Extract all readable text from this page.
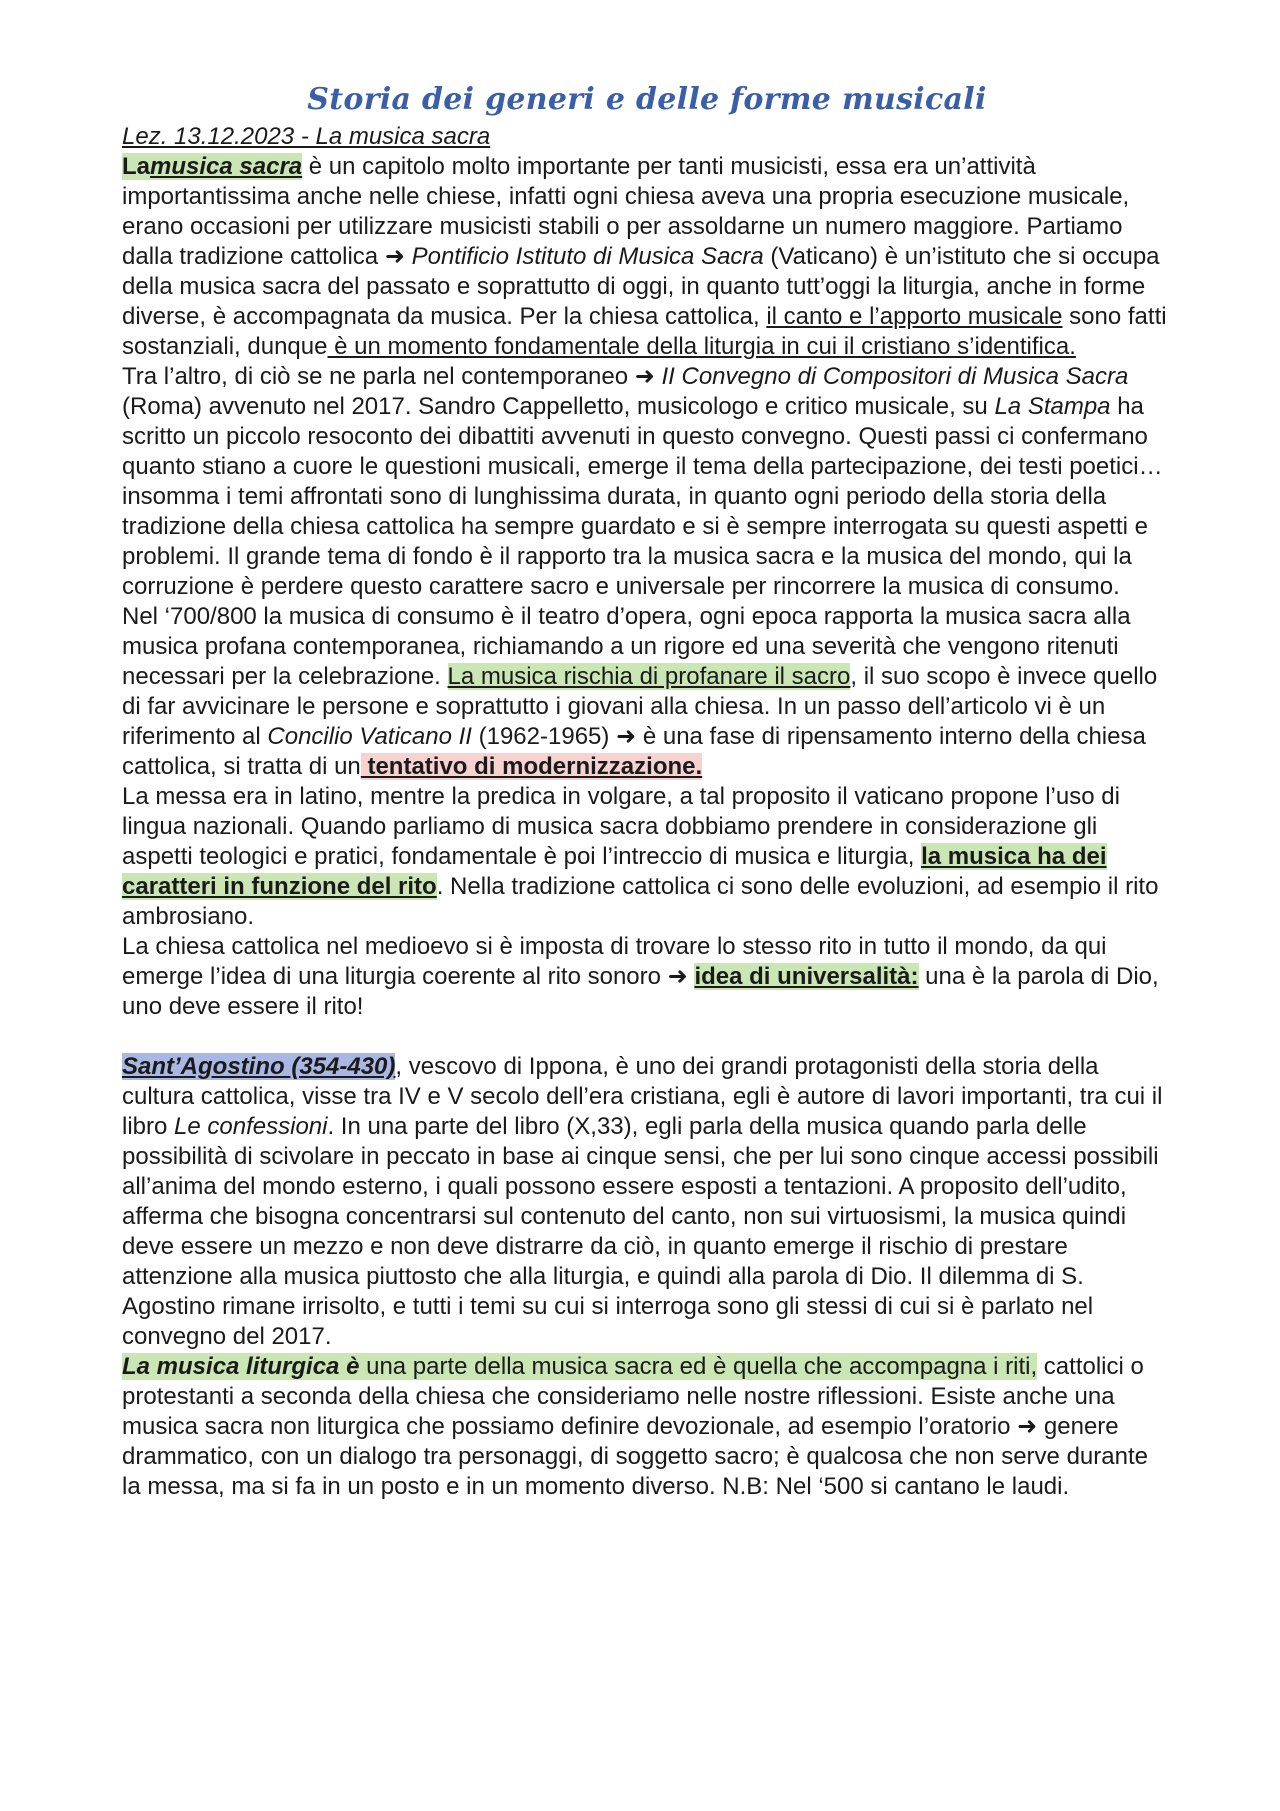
Storia dei generi e delle forme musicali

Lez. 13.12.2023 - La musica sacra

Lamusica sacra è un capitolo molto importante per tanti musicisti, essa era un’attività importantissima anche nelle chiese, infatti ogni chiesa aveva una propria esecuzione musicale, erano occasioni per utilizzare musicisti stabili o per assoldarne un numero maggiore. Partiamo dalla tradizione cattolica ➜ Pontificio Istituto di Musica Sacra (Vaticano) è un’istituto che si occupa della musica sacra del passato e soprattutto di oggi, in quanto tutt’oggi la liturgia, anche in forme diverse, è accompagnata da musica. Per la chiesa cattolica, il canto e l’apporto musicale sono fatti sostanziali, dunque è un momento fondamentale della liturgia in cui il cristiano s’identifica.

Tra l’altro, di ciò se ne parla nel contemporaneo ➜ II Convegno di Compositori di Musica Sacra (Roma) avvenuto nel 2017. Sandro Cappelletto, musicologo e critico musicale, su La Stampa ha scritto un piccolo resoconto dei dibattiti avvenuti in questo convegno. Questi passi ci confermano quanto stiano a cuore le questioni musicali, emerge il tema della partecipazione, dei testi poetici…insomma i temi affrontati sono di lunghissima durata, in quanto ogni periodo della storia della tradizione della chiesa cattolica ha sempre guardato e si è sempre interrogata su questi aspetti e problemi. Il grande tema di fondo è il rapporto tra la musica sacra e la musica del mondo, qui la corruzione è perdere questo carattere sacro e universale per rincorrere la musica di consumo.

Nel ‘700/800 la musica di consumo è il teatro d’opera, ogni epoca rapporta la musica sacra alla musica profana contemporanea, richiamando a un rigore ed una severità che vengono ritenuti necessari per la celebrazione. La musica rischia di profanare il sacro, il suo scopo è invece quello di far avvicinare le persone e soprattutto i giovani alla chiesa. In un passo dell’articolo vi è un riferimento al Concilio Vaticano II (1962-1965) ➜ è una fase di ripensamento interno della chiesa cattolica, si tratta di un tentativo di modernizzazione.

La messa era in latino, mentre la predica in volgare, a tal proposito il vaticano propone l’uso di lingua nazionali. Quando parliamo di musica sacra dobbiamo prendere in considerazione gli aspetti teologici e pratici, fondamentale è poi l’intreccio di musica e liturgia, la musica ha dei caratteri in funzione del rito. Nella tradizione cattolica ci sono delle evoluzioni, ad esempio il rito ambrosiano.

La chiesa cattolica nel medioevo si è imposta di trovare lo stesso rito in tutto il mondo, da qui emerge l’idea di una liturgia coerente al rito sonoro ➜ idea di universalità: una è la parola di Dio, uno deve essere il rito!

Sant’Agostino (354-430), vescovo di Ippona, è uno dei grandi protagonisti della storia della cultura cattolica, visse tra IV e V secolo dell’era cristiana, egli è autore di lavori importanti, tra cui il libro Le confessioni. In una parte del libro (X,33), egli parla della musica quando parla delle possibilità di scivolare in peccato in base ai cinque sensi, che per lui sono cinque accessi possibili all’anima del mondo esterno, i quali possono essere esposti a tentazioni. A proposito dell’udito, afferma che bisogna concentrarsi sul contenuto del canto, non sui virtuosismi, la musica quindi deve essere un mezzo e non deve distrarre da ciò, in quanto emerge il rischio di prestare attenzione alla musica piuttosto che alla liturgia, e quindi alla parola di Dio. Il dilemma di S. Agostino rimane irrisolto, e tutti i temi su cui si interroga sono gli stessi di cui si è parlato nel convegno del 2017.

La musica liturgica è una parte della musica sacra ed è quella che accompagna i riti, cattolici o protestanti a seconda della chiesa che consideriamo nelle nostre riflessioni. Esiste anche una musica sacra non liturgica che possiamo definire devozionale, ad esempio l’oratorio ➜ genere drammatico, con un dialogo tra personaggi, di soggetto sacro; è qualcosa che non serve durante la messa, ma si fa in un posto e in un momento diverso. N.B: Nel ‘500 si cantano le laudi.
